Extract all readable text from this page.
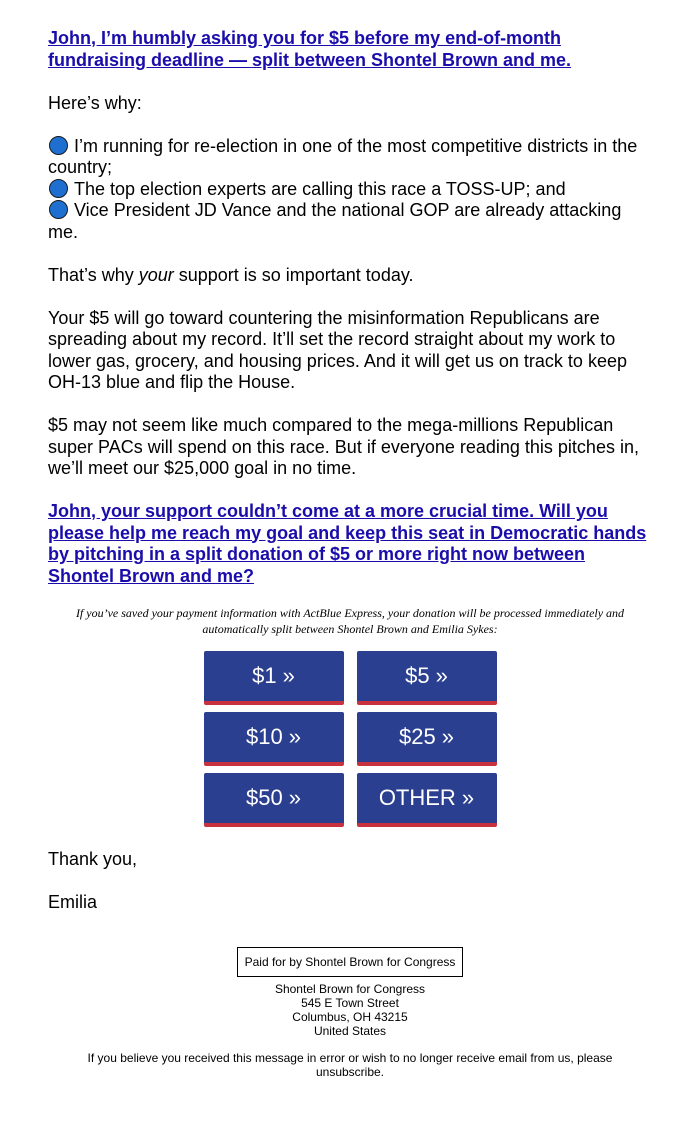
John, I’m humbly asking you for $5 before my end-of-month fundraising deadline — split between Shontel Brown and me.

Here’s why:

I’m running for re-election in one of the most competitive districts in the country;
The top election experts are calling this race a TOSS-UP; and
Vice President JD Vance and the national GOP are already attacking me.

That’s why your support is so important today.

Your $5 will go toward countering the misinformation Republicans are spreading about my record. It’ll set the record straight about my work to lower gas, grocery, and housing prices. And it will get us on track to keep OH-13 blue and flip the House.

$5 may not seem like much compared to the mega-millions Republican super PACs will spend on this race. But if everyone reading this pitches in, we’ll meet our $25,000 goal in no time.

John, your support couldn’t come at a more crucial time. Will you please help me reach my goal and keep this seat in Democratic hands by pitching in a split donation of $5 or more right now between Shontel Brown and me?
If you’ve saved your payment information with ActBlue Express, your donation will be processed immediately and automatically split between Shontel Brown and Emilia Sykes:
$1 »	$5 »
$10 »	$25 »
$50 »	OTHER »

Thank you,

Emilia

Paid for by Shontel Brown for Congress
Shontel Brown for Congress
545 E Town Street
Columbus, OH 43215
United States
If you believe you received this message in error or wish to no longer receive email from us, please unsubscribe.
